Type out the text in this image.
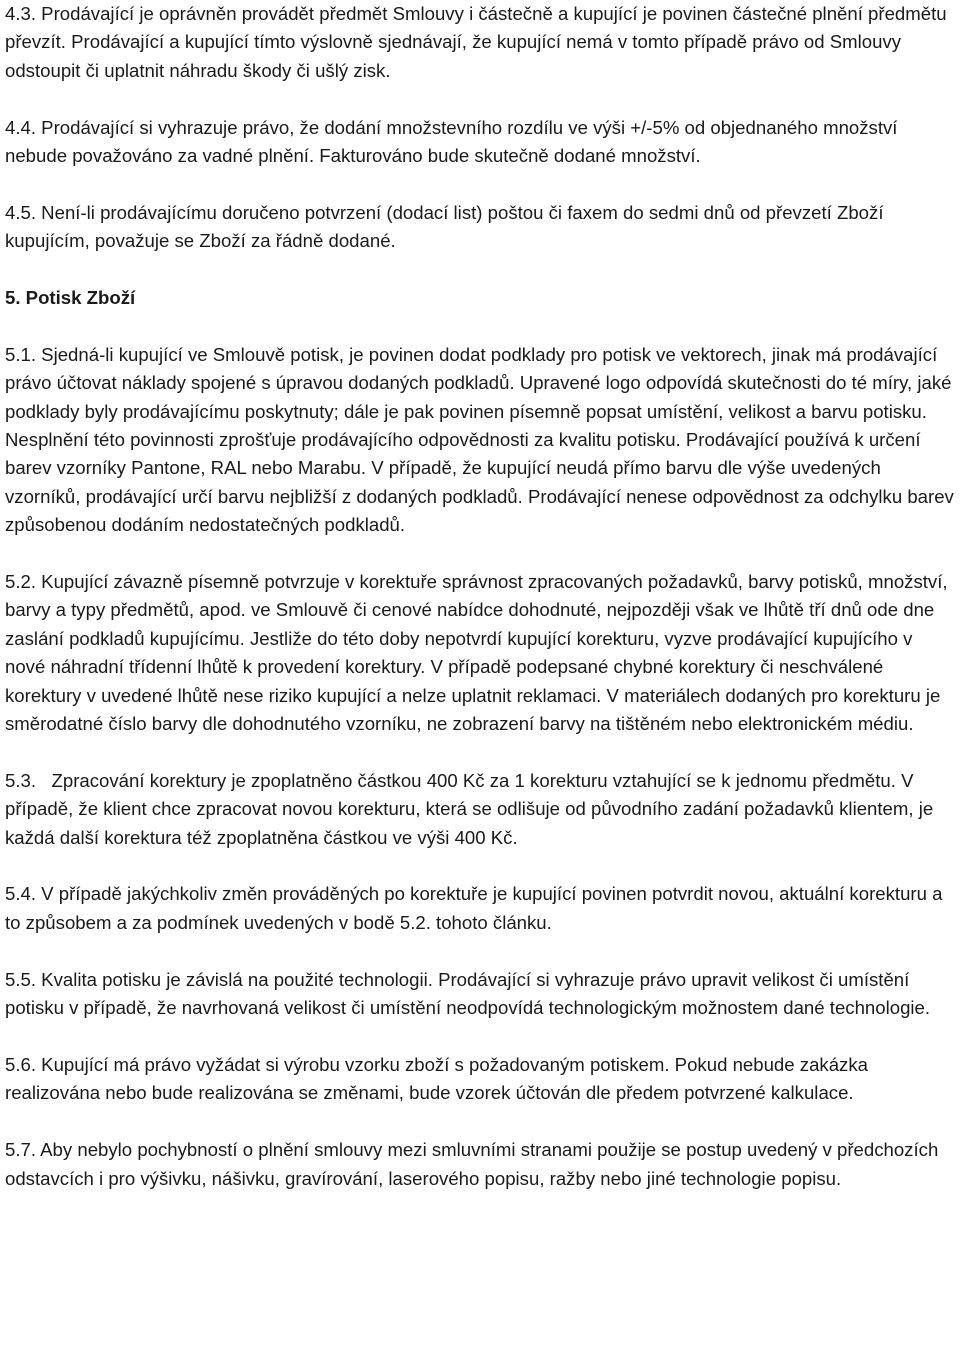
4.3. Prodávající je oprávněn provádět předmět Smlouvy i částečně a kupující je povinen částečné plnění předmětu převzít. Prodávající a kupující tímto výslovně sjednávají, že kupující nemá v tomto případě právo od Smlouvy odstoupit či uplatnit náhradu škody či ušlý zisk.

4.4. Prodávající si vyhrazuje právo, že dodání množstevního rozdílu ve výši +/-5% od objednaného množství nebude považováno za vadné plnění. Fakturováno bude skutečně dodané množství.

4.5. Není-li prodávajícímu doručeno potvrzení (dodací list) poštou či faxem do sedmi dnů od převzetí Zboží kupujícím, považuje se Zboží za řádně dodané.

5. Potisk Zboží

5.1. Sjedná-li kupující ve Smlouvě potisk, je povinen dodat podklady pro potisk ve vektorech, jinak má prodávající právo účtovat náklady spojené s úpravou dodaných podkladů. Upravené logo odpovídá skutečnosti do té míry, jaké podklady byly prodávajícímu poskytnuty; dále je pak povinen písemně popsat umístění, velikost a barvu potisku. Nesplnění této povinnosti zprošťuje prodávajícího odpovědnosti za kvalitu potisku. Prodávající používá k určení barev vzorníky Pantone, RAL nebo Marabu. V případě, že kupující neudá přímo barvu dle výše uvedených vzorníků, prodávající určí barvu nejbližší z dodaných podkladů. Prodávající nenese odpovědnost za odchylku barev způsobenou dodáním nedostatečných podkladů.

5.2. Kupující závazně písemně potvrzuje v korektuře správnost zpracovaných požadavků, barvy potisků, množství, barvy a typy předmětů, apod. ve Smlouvě či cenové nabídce dohodnuté, nejpozději však ve lhůtě tří dnů ode dne zaslání podkladů kupujícímu. Jestliže do této doby nepotvrdí kupující korekturu, vyzve prodávající kupujícího v nové náhradní třídenní lhůtě k provedení korektury. V případě podepsané chybné korektury či neschválené korektury v uvedené lhůtě nese riziko kupující a nelze uplatnit reklamaci. V materiálech dodaných pro korekturu je směrodatné číslo barvy dle dohodnutého vzorníku, ne zobrazení barvy na tištěném nebo elektronickém médiu.

5.3.   Zpracování korektury je zpoplatněno částkou 400 Kč za 1 korekturu vztahující se k jednomu předmětu. V případě, že klient chce zpracovat novou korekturu, která se odlišuje od původního zadání požadavků klientem, je každá další korektura též zpoplatněna částkou ve výši 400 Kč.

5.4. V případě jakýchkoliv změn prováděných po korektuře je kupující povinen potvrdit novou, aktuální korekturu a to způsobem a za podmínek uvedených v bodě 5.2. tohoto článku.

5.5. Kvalita potisku je závislá na použité technologii. Prodávající si vyhrazuje právo upravit velikost či umístění potisku v případě, že navrhovaná velikost či umístění neodpovídá technologickým možnostem dané technologie.

5.6. Kupující má právo vyžádat si výrobu vzorku zboží s požadovaným potiskem. Pokud nebude zakázka realizována nebo bude realizována se změnami, bude vzorek účtován dle předem potvrzené kalkulace.

5.7. Aby nebylo pochybností o plnění smlouvy mezi smluvními stranami použije se postup uvedený v předchozích odstavcích i pro výšivku, nášivku, gravírování, laserového popisu, ražby nebo jiné technologie popisu.
